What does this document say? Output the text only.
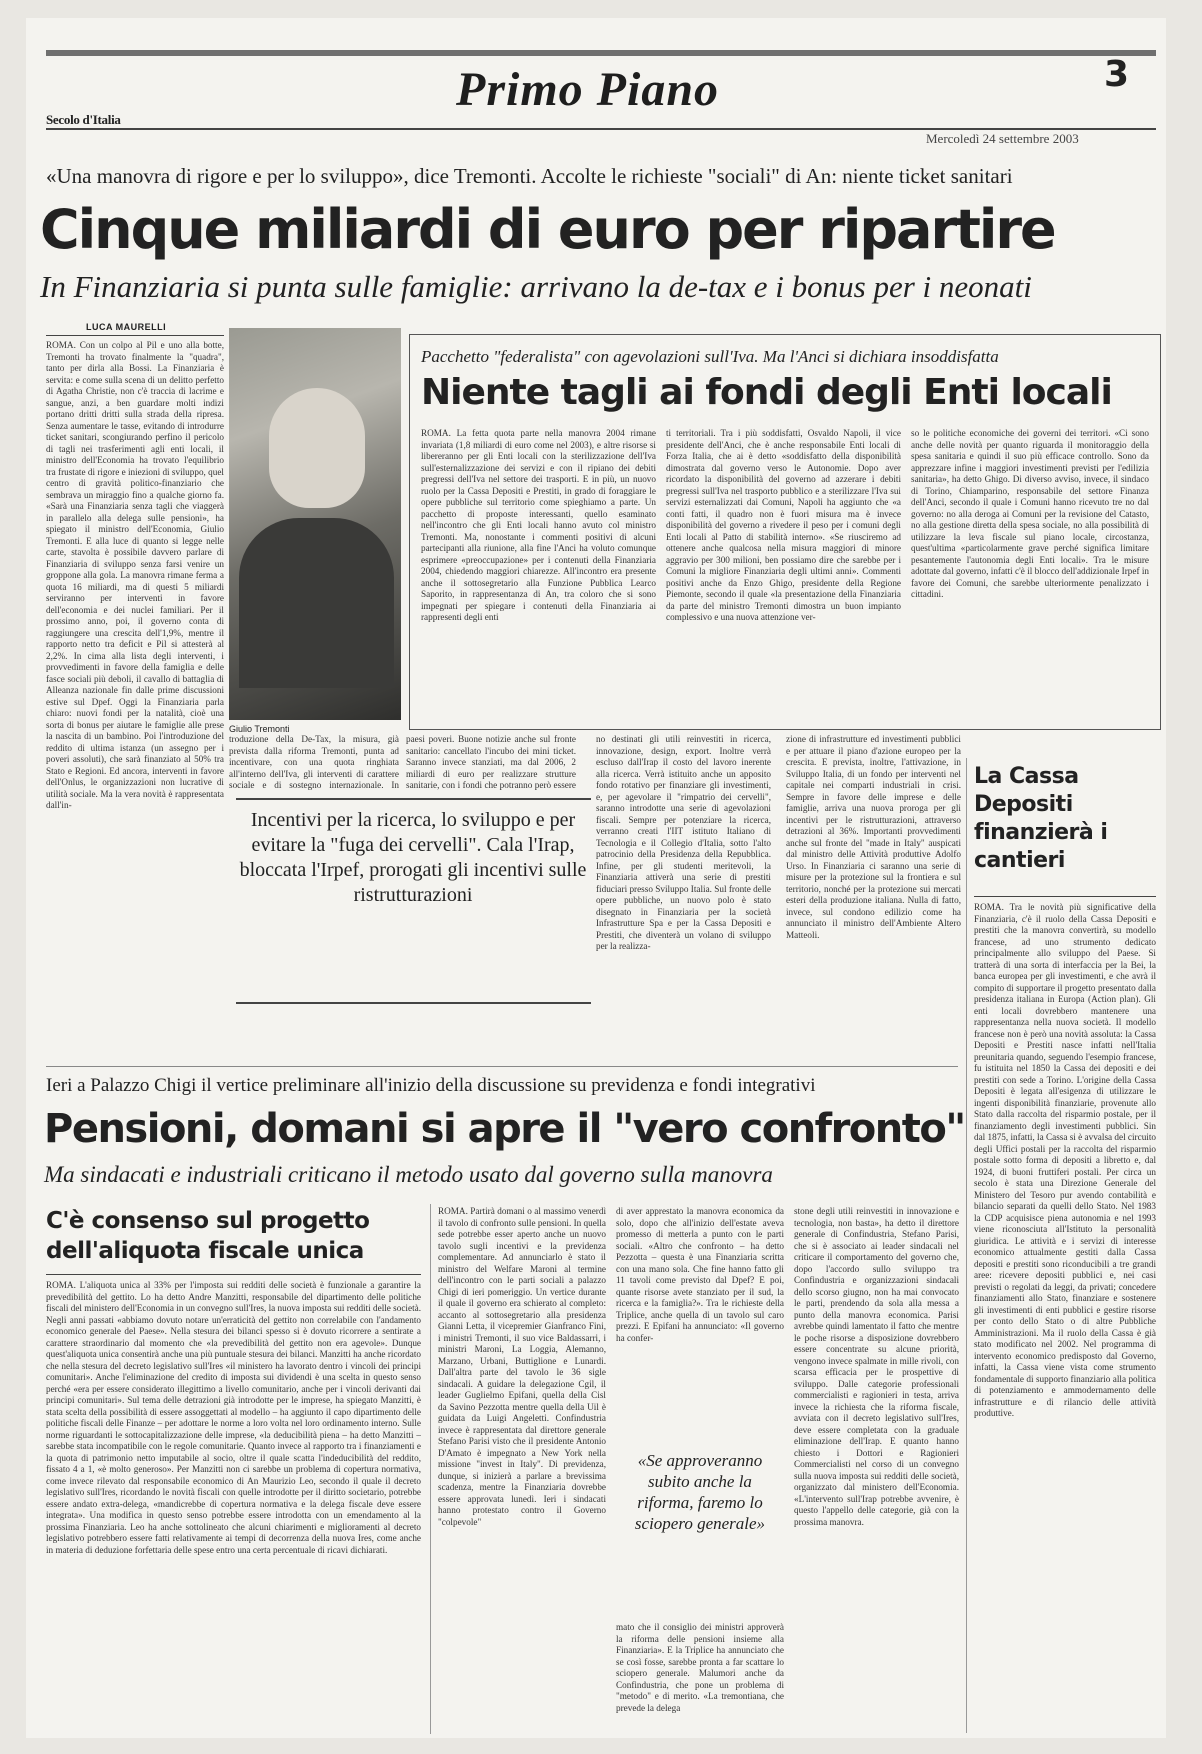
Secolo d'Italia
Primo Piano	3
Mercoledì 24 settembre 2003
«Una manovra di rigore e per lo sviluppo», dice Tremonti. Accolte le richieste "sociali" di An: niente ticket sanitari
Cinque miliardi di euro per ripartire
In Finanziaria si punta sulle famiglie: arrivano la de-tax e i bonus per i neonati
LUCA MAURELLI
ROMA. Con un colpo al Pil e uno alla botte, Tremonti ha trovato finalmente la "quadra", tanto per dirla alla Bossi. La Finanziaria è servita: e come sulla scena di un delitto perfetto di Agatha Christie, non c'è traccia di lacrime e sangue, anzi, a ben guardare molti indizi portano dritti dritti sulla strada della ripresa. Senza aumentare le tasse, evitando di introdurre ticket sanitari, scongiurando perfino il pericolo di tagli nei trasferimenti agli enti locali, il ministro dell'Economia ha trovato l'equilibrio tra frustate di rigore e iniezioni di sviluppo, quel centro di gravità politico-finanziario che sembrava un miraggio fino a qualche giorno fa. «Sarà una Finanziaria senza tagli che viaggerà in parallelo alla delega sulle pensioni», ha spiegato il ministro dell'Economia, Giulio Tremonti. E alla luce di quanto si legge nelle carte, stavolta è possibile davvero parlare di Finanziaria di sviluppo senza farsi venire un groppone alla gola. La manovra rimane ferma a quota 16 miliardi, ma di questi 5 miliardi serviranno per interventi in favore dell'economia e dei nuclei familiari. Per il prossimo anno, poi, il governo conta di raggiungere una crescita dell'1,9%, mentre il rapporto netto tra deficit e Pil si attesterà al 2,2%. In cima alla lista degli interventi, i provvedimenti in favore della famiglia e delle fasce sociali più deboli, il cavallo di battaglia di Alleanza nazionale fin dalle prime discussioni estive sul Dpef. Oggi la Finanziaria parla chiaro: nuovi fondi per la natalità, cioè una sorta di bonus per aiutare le famiglie alle prese la nascita di un bambino. Poi l'introduzione del reddito di ultima istanza (un assegno per i poveri assoluti), che sarà finanziato al 50% tra Stato e Regioni. Ed ancora, interventi in favore dell'Onlus, le organizzazioni non lucrative di utilità sociale. Ma la vera novità è rappresentata dall'in-
Giulio Tremonti
Pacchetto "federalista" con agevolazioni sull'Iva. Ma l'Anci si dichiara insoddisfatta
Niente tagli ai fondi degli Enti locali
ROMA. La fetta quota parte nella manovra 2004 rimane invariata (1,8 miliardi di euro come nel 2003), e altre risorse si libereranno per gli Enti locali con la sterilizzazione dell'Iva sull'esternalizzazione dei servizi e con il ripiano dei debiti pregressi dell'Iva nel settore dei trasporti. E in più, un nuovo ruolo per la Cassa Depositi e Prestiti, in grado di foraggiare le opere pubbliche sul territorio come spieghiamo a parte. Un pacchetto di proposte interessanti, quello esaminato nell'incontro che gli Enti locali hanno avuto col ministro Tremonti. Ma, nonostante i commenti positivi di alcuni partecipanti alla riunione, alla fine l'Anci ha voluto comunque esprimere «preoccupazione» per i contenuti della Finanziaria 2004, chiedendo maggiori chiarezze. All'incontro era presente anche il sottosegretario alla Funzione Pubblica Learco Saporito, in rappresentanza di An, tra coloro che si sono impegnati per spiegare i contenuti della Finanziaria ai rappresenti degli enti
ti territoriali. Tra i più soddisfatti, Osvaldo Napoli, il vice presidente dell'Anci, che è anche responsabile Enti locali di Forza Italia, che ai è detto «soddisfatto della disponibilità dimostrata dal governo verso le Autonomie. Dopo aver ricordato la disponibilità del governo ad azzerare i debiti pregressi sull'Iva nel trasporto pubblico e a sterilizzare l'Iva sui servizi esternalizzati dai Comuni, Napoli ha aggiunto che «a conti fatti, il quadro non è fuori misura ma è invece disponibilità del governo a rivedere il peso per i comuni degli Enti locali al Patto di stabilità interno». «Se riusciremo ad ottenere anche qualcosa nella misura maggiori di minore aggravio per 300 milioni, ben possiamo dire che sarebbe per i Comuni la migliore Finanziaria degli ultimi anni». Commenti positivi anche da Enzo Ghigo, presidente della Regione Piemonte, secondo il quale «la presentazione della Finanziaria da parte del ministro Tremonti dimostra un buon impianto complessivo e una nuova attenzione ver-
so le politiche economiche dei governi dei territori. «Ci sono anche delle novità per quanto riguarda il monitoraggio della spesa sanitaria e quindi il suo più efficace controllo. Sono da apprezzare infine i maggiori investimenti previsti per l'edilizia sanitaria», ha detto Ghigo. Di diverso avviso, invece, il sindaco di Torino, Chiamparino, responsabile del settore Finanza dell'Anci, secondo il quale i Comuni hanno ricevuto tre no dal governo: no alla deroga ai Comuni per la revisione del Catasto, no alla gestione diretta della spesa sociale, no alla possibilità di utilizzare la leva fiscale sul piano locale, circostanza, quest'ultima «particolarmente grave perché significa limitare pesantemente l'autonomia degli Enti locali». Tra le misure adottate dal governo, infatti c'è il blocco dell'addizionale Irpef in favore dei Comuni, che sarebbe ulteriormente penalizzato i cittadini.
troduzione della De-Tax, la misura, già prevista dalla riforma Tremonti, punta ad incentivare, con una quota ringhiata all'interno dell'Iva, gli interventi di carattere sociale e di sostegno internazionale. In
paesi poveri. Buone notizie anche sul fronte sanitario: cancellato l'incubo dei mini ticket. Saranno invece stanziati, ma dal 2006, 2 miliardi di euro per realizzare strutture sanitarie, con i fondi che potranno però essere
no destinati gli utili reinvestiti in ricerca, innovazione, design, export. Inoltre verrà escluso dall'Irap il costo del lavoro inerente alla ricerca. Verrà istituito anche un apposito fondo rotativo per finanziare gli investimenti, e, per agevolare il "rimpatrio dei cervelli", saranno introdotte una serie di agevolazioni fiscali. Sempre per potenziare la ricerca, verranno creati l'IIT istituto Italiano di Tecnologia e il Collegio d'Italia, sotto l'alto patrocinio della Presidenza della Repubblica. Infine, per gli studenti meritevoli, la Finanziaria attiverà una serie di prestiti fiduciari presso Sviluppo Italia. Sul fronte delle opere pubbliche, un nuovo polo è stato disegnato in Finanziaria per la società Infrastrutture Spa e per la Cassa Depositi e Prestiti, che diventerà un volano di sviluppo per la realizza-
zione di infrastrutture ed investimenti pubblici e per attuare il piano d'azione europeo per la crescita. E prevista, inoltre, l'attivazione, in Sviluppo Italia, di un fondo per interventi nel capitale nei comparti industriali in crisi. Sempre in favore delle imprese e delle famiglie, arriva una nuova proroga per gli incentivi per le ristrutturazioni, attraverso detrazioni al 36%. Importanti provvedimenti anche sul fronte del "made in Italy" auspicati dal ministro delle Attività produttive Adolfo Urso. In Finanziaria ci saranno una serie di misure per la protezione sul la frontiera e sul territorio, nonché per la protezione sui mercati esteri della produzione italiana. Nulla di fatto, invece, sul condono edilizio come ha annunciato il ministro dell'Ambiente Altero Matteoli.
Incentivi per la ricerca, lo sviluppo e per evitare la "fuga dei cervelli". Cala l'Irap, bloccata l'Irpef, prorogati gli incentivi sulle ristrutturazioni
La Cassa Depositi finanzierà i cantieri
ROMA. Tra le novità più significative della Finanziaria, c'è il ruolo della Cassa Depositi e prestiti che la manovra convertirà, su modello francese, ad uno strumento dedicato principalmente allo sviluppo del Paese. Si tratterà di una sorta di interfaccia per la Bei, la banca europea per gli investimenti, e che avrà il compito di supportare il progetto presentato dalla presidenza italiana in Europa (Action plan). Gli enti locali dovrebbero mantenere una rappresentanza nella nuova società. Il modello francese non è però una novità assoluta: la Cassa Depositi e Prestiti nasce infatti nell'Italia preunitaria quando, seguendo l'esempio francese, fu istituita nel 1850 la Cassa dei depositi e dei prestiti con sede a Torino. L'origine della Cassa Depositi è legata all'esigenza di utilizzare le ingenti disponibilità finanziarie, provenute allo Stato dalla raccolta del risparmio postale, per il finanziamento degli investimenti pubblici. Sin dal 1875, infatti, la Cassa si è avvalsa del circuito degli Uffici postali per la raccolta del risparmio postale sotto forma di depositi a libretto e, dal 1924, di buoni fruttiferi postali. Per circa un secolo è stata una Direzione Generale del Ministero del Tesoro pur avendo contabilità e bilancio separati da quelli dello Stato. Nel 1983 la CDP acquisisce piena autonomia e nel 1993 viene riconosciuta all'Istituto la personalità giuridica. Le attività e i servizi di interesse economico attualmente gestiti dalla Cassa depositi e prestiti sono riconducibili a tre grandi aree: ricevere depositi pubblici e, nei casi previsti o regolati da leggi, da privati; concedere finanziamenti allo Stato, finanziare e sostenere gli investimenti di enti pubblici e gestire risorse per conto dello Stato o di altre Pubbliche Amministrazioni. Ma il ruolo della Cassa è già stato modificato nel 2002. Nel programma di intervento economico predisposto dal Governo, infatti, la Cassa viene vista come strumento fondamentale di supporto finanziario alla politica di potenziamento e ammodernamento delle infrastrutture e di rilancio delle attività produttive.
Ieri a Palazzo Chigi il vertice preliminare all'inizio della discussione su previdenza e fondi integrativi
Pensioni, domani si apre il "vero confronto"
Ma sindacati e industriali criticano il metodo usato dal governo sulla manovra
C'è consenso sul progetto dell'aliquota fiscale unica
ROMA. L'aliquota unica al 33% per l'imposta sui redditi delle società è funzionale a garantire la prevedibilità del gettito. Lo ha detto Andre Manzitti, responsabile del dipartimento delle politiche fiscali del ministero dell'Economia in un convegno sull'Ires, la nuova imposta sui redditi delle società. Negli anni passati «abbiamo dovuto notare un'erraticità del gettito non correlabile con l'andamento economico generale del Paese». Nella stesura dei bilanci spesso si è dovuto ricorrere a sentirate a carattere straordinario dal momento che «la prevedibilità del gettito non era agevole». Dunque quest'aliquota unica consentirà anche una più puntuale stesura dei bilanci. Manzitti ha anche ricordato che nella stesura del decreto legislativo sull'Ires «il ministero ha lavorato dentro i vincoli dei principi comunitari». Anche l'eliminazione del credito di imposta sui dividendi è una scelta in questo senso perché «era per essere considerato illegittimo a livello comunitario, anche per i vincoli derivanti dai principi comunitari». Sul tema delle detrazioni già introdotte per le imprese, ha spiegato Manzitti, è stata scelta della possibilità di essere assoggettati al modello – ha aggiunto il capo dipartimento delle politiche fiscali delle Finanze – per adottare le norme a loro volta nel loro ordinamento interno. Sulle norme riguardanti le sottocapitalizzazione delle imprese, «la deducibilità piena – ha detto Manzitti – sarebbe stata incompatibile con le regole comunitarie. Quanto invece al rapporto tra i finanziamenti e la quota di patrimonio netto imputabile al socio, oltre il quale scatta l'indeducibilità del reddito, fissato 4 a 1, «è molto generoso». Per Manzitti non ci sarebbe un problema di copertura normativa, come invece rilevato dal responsabile economico di An Maurizio Leo, secondo il quale il decreto legislativo sull'Ires, ricordando le novità fiscali con quelle introdotte per il diritto societario, potrebbe essere andato extra-delega, «mandicrebbe di copertura normativa e la delega fiscale deve essere integrata». Una modifica in questo senso potrebbe essere introdotta con un emendamento al la prossima Finanziaria. Leo ha anche sottolineato che alcuni chiarimenti e miglioramenti al decreto legislativo potrebbero essere fatti relativamente ai tempi di decorrenza della nuova Ires, come anche in materia di deduzione forfettaria delle spese entro una certa percentuale di ricavi dichiarati.
ROMA. Partirà domani o al massimo venerdì il tavolo di confronto sulle pensioni. In quella sede potrebbe esser aperto anche un nuovo tavolo sugli incentivi e la previdenza complementare. Ad annunciarlo è stato il ministro del Welfare Maroni al termine dell'incontro con le parti sociali a palazzo Chigi di ieri pomeriggio. Un vertice durante il quale il governo era schierato al completo: accanto al sottosegretario alla presidenza Gianni Letta, il vicepremier Gianfranco Fini, i ministri Tremonti, il suo vice Baldassarri, i ministri Maroni, La Loggia, Alemanno, Marzano, Urbani, Buttiglione e Lunardi. Dall'altra parte del tavolo le 36 sigle sindacali. A guidare la delegazione Cgil, il leader Guglielmo Epifani, quella della Cisl da Savino Pezzotta mentre quella della Uil è guidata da Luigi Angeletti. Confindustria invece è rappresentata dal direttore generale Stefano Parisi visto che il presidente Antonio D'Amato è impegnato a New York nella missione "invest in Italy". Di previdenza, dunque, si inizierà a parlare a brevissima scadenza, mentre la Finanziaria dovrebbe essere approvata lunedì. Ieri i sindacati hanno protestato contro il Governo "colpevole"
di aver apprestato la manovra economica da solo, dopo che all'inizio dell'estate aveva promesso di metterla a punto con le parti sociali. «Altro che confronto – ha detto Pezzotta – questa è una Finanziaria scritta con una mano sola. Che fine hanno fatto gli 11 tavoli come previsto dal Dpef? E poi, quante risorse avete stanziato per il sud, la ricerca e la famiglia?». Tra le richieste della Triplice, anche quella di un tavolo sul caro prezzi. E Epifani ha annunciato: «Il governo ha confer-
«Se approveranno subito anche la riforma, faremo lo sciopero generale»
mato che il consiglio dei ministri approverà la riforma delle pensioni insieme alla Finanziaria». E la Triplice ha annunciato che se così fosse, sarebbe pronta a far scattare lo sciopero generale. Malumori anche da Confindustria, che pone un problema di "metodo" e di merito. «La tremontiana, che prevede la delega
stone degli utili reinvestiti in innovazione e tecnologia, non basta», ha detto il direttore generale di Confindustria, Stefano Parisi, che si è associato ai leader sindacali nel criticare il comportamento del governo che, dopo l'accordo sullo sviluppo tra Confindustria e organizzazioni sindacali dello scorso giugno, non ha mai convocato le parti, prendendo da sola alla messa a punto della manovra economica. Parisi avrebbe quindi lamentato il fatto che mentre le poche risorse a disposizione dovrebbero essere concentrate su alcune priorità, vengono invece spalmate in mille rivoli, con scarsa efficacia per le prospettive di sviluppo. Dalle categorie professionali commercialisti e ragionieri in testa, arriva invece la richiesta che la riforma fiscale, avviata con il decreto legislativo sull'Ires, deve essere completata con la graduale eliminazione dell'Irap. E quanto hanno chiesto i Dottori e Ragionieri Commercialisti nel corso di un convegno sulla nuova imposta sui redditi delle società, organizzato dal ministero dell'Economia. «L'intervento sull'Irap potrebbe avvenire, è questo l'appello delle categorie, già con la prossima manovra.
